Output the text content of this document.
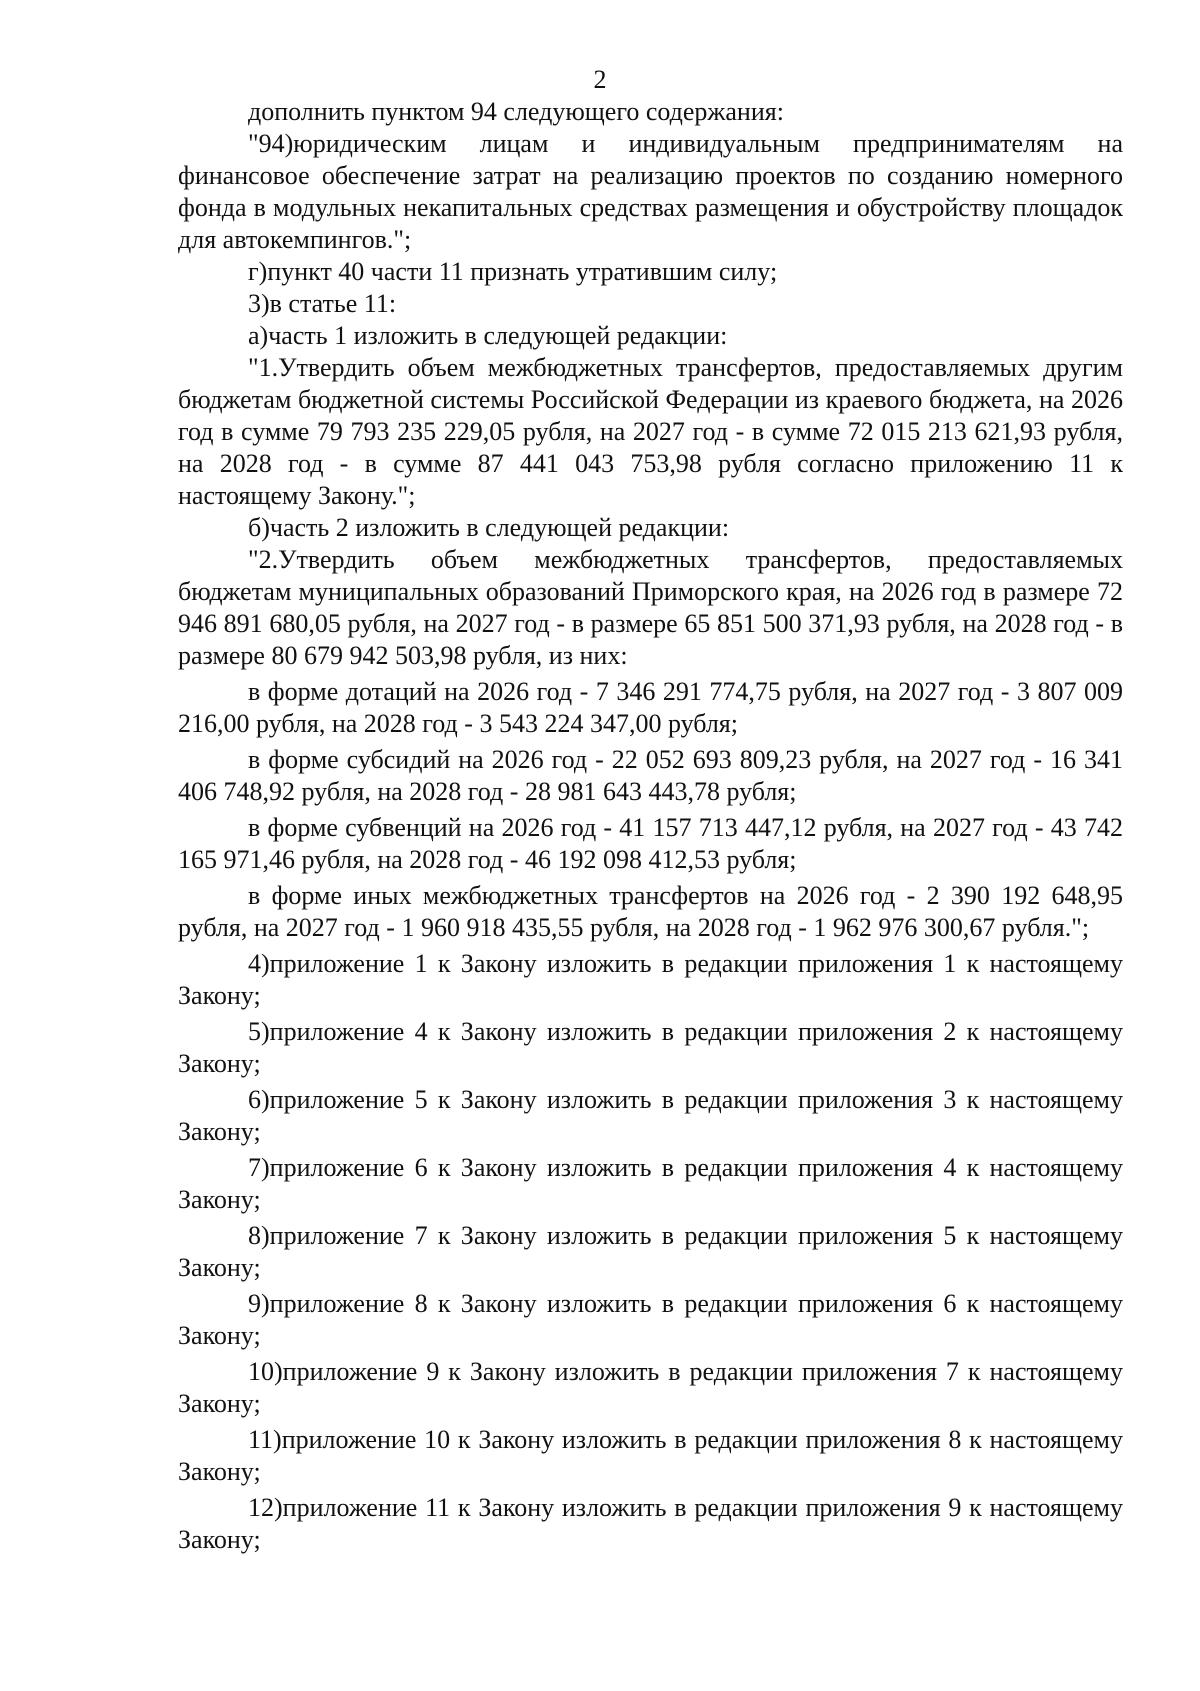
2

дополнить пунктом 94 следующего содержания:

"94)юридическим лицам и индивидуальным предпринимателям на финансовое обеспечение затрат на реализацию проектов по созданию номерного фонда в модульных некапитальных средствах размещения и обустройству площадок для автокемпингов.";

г)пункт 40 части 11 признать утратившим силу;

3)в статье 11:

а)часть 1 изложить в следующей редакции:

"1.Утвердить объем межбюджетных трансфертов, предоставляемых другим бюджетам бюджетной системы Российской Федерации из краевого бюджета, на 2026 год в сумме 79 793 235 229,05 рубля, на 2027 год - в сумме 72 015 213 621,93 рубля, на 2028 год - в сумме 87 441 043 753,98 рубля согласно приложению 11 к настоящему Закону.";

б)часть 2 изложить в следующей редакции:

"2.Утвердить объем межбюджетных трансфертов, предоставляемых бюджетам муниципальных образований Приморского края, на 2026 год в размере 72 946 891 680,05 рубля, на 2027 год - в размере 65 851 500 371,93 рубля, на 2028 год - в размере 80 679 942 503,98 рубля, из них:

в форме дотаций на 2026 год - 7 346 291 774,75 рубля, на 2027 год - 3 807 009 216,00 рубля, на 2028 год - 3 543 224 347,00 рубля;

в форме субсидий на 2026 год - 22 052 693 809,23 рубля, на 2027 год - 16 341 406 748,92 рубля, на 2028 год - 28 981 643 443,78 рубля;

в форме субвенций на 2026 год - 41 157 713 447,12 рубля, на 2027 год - 43 742 165 971,46 рубля, на 2028 год - 46 192 098 412,53 рубля;

в форме иных межбюджетных трансфертов на 2026 год - 2 390 192 648,95 рубля, на 2027 год - 1 960 918 435,55 рубля, на 2028 год - 1 962 976 300,67 рубля.";

4)приложение 1 к Закону изложить в редакции приложения 1 к настоящему Закону;

5)приложение 4 к Закону изложить в редакции приложения 2 к настоящему Закону;

6)приложение 5 к Закону изложить в редакции приложения 3 к настоящему Закону;

7)приложение 6 к Закону изложить в редакции приложения 4 к настоящему Закону;

8)приложение 7 к Закону изложить в редакции приложения 5 к настоящему Закону;

9)приложение 8 к Закону изложить в редакции приложения 6 к настоящему Закону;

10)приложение 9 к Закону изложить в редакции приложения 7 к настоящему Закону;

11)приложение 10 к Закону изложить в редакции приложения 8 к настоящему Закону;

12)приложение 11 к Закону изложить в редакции приложения 9 к настоящему Закону;
